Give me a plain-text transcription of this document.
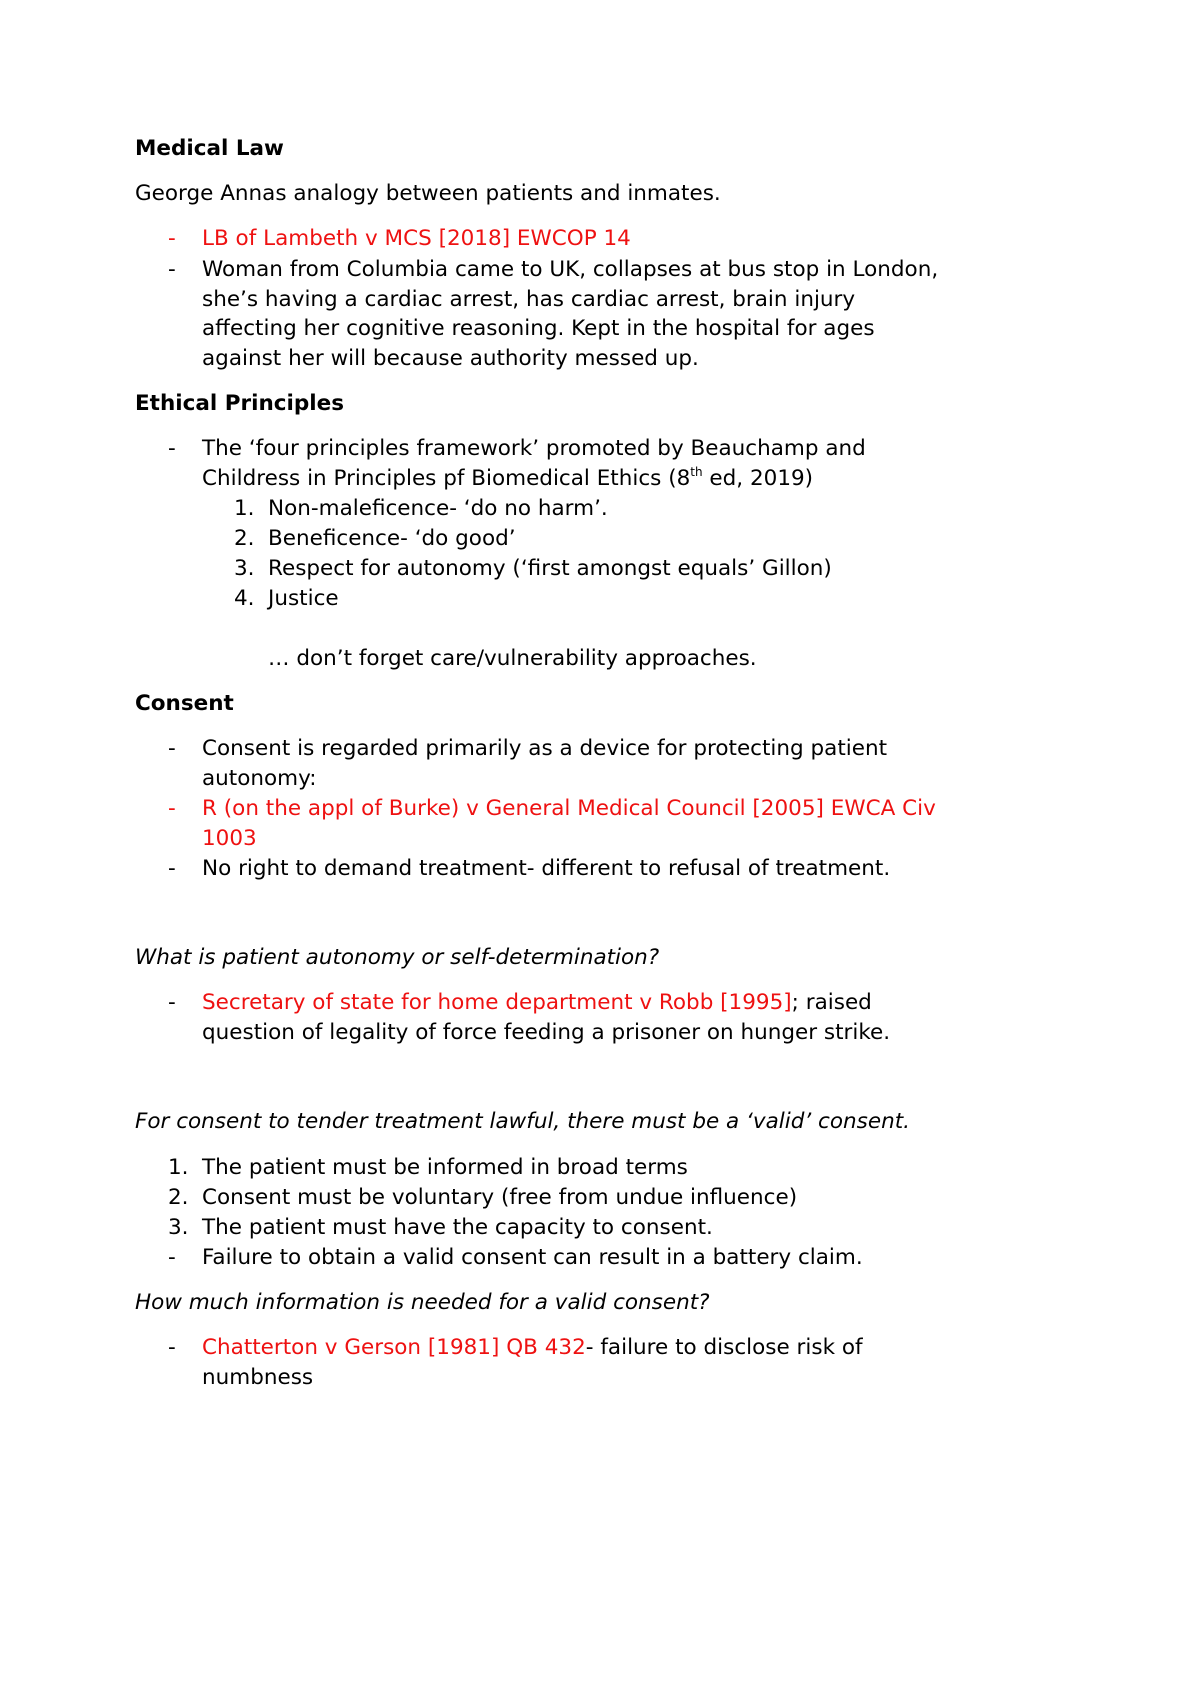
Medical Law
George Annas analogy between patients and inmates.
- LB of Lambeth v MCS [2018] EWCOP 14
- Woman from Columbia came to UK, collapses at bus stop in London,
she’s having a cardiac arrest, has cardiac arrest, brain injury
affecting her cognitive reasoning. Kept in the hospital for ages
against her will because authority messed up.
Ethical Principles
- The ‘four principles framework’ promoted by Beauchamp and
Childress in Principles pf Biomedical Ethics (8th ed, 2019)
1. Non-maleficence- ‘do no harm’.
2. Beneficence- ‘do good’
3. Respect for autonomy (‘first amongst equals’ Gillon)
4. Justice
… don’t forget care/vulnerability approaches.
Consent
- Consent is regarded primarily as a device for protecting patient
autonomy:
- R (on the appl of Burke) v General Medical Council [2005] EWCA Civ
1003
- No right to demand treatment- different to refusal of treatment.
What is patient autonomy or self-determination?
- Secretary of state for home department v Robb [1995]; raised
question of legality of force feeding a prisoner on hunger strike.
For consent to tender treatment lawful, there must be a ‘valid’ consent.
1. The patient must be informed in broad terms
2. Consent must be voluntary (free from undue influence)
3. The patient must have the capacity to consent.
- Failure to obtain a valid consent can result in a battery claim.
How much information is needed for a valid consent?
- Chatterton v Gerson [1981] QB 432- failure to disclose risk of
numbness
